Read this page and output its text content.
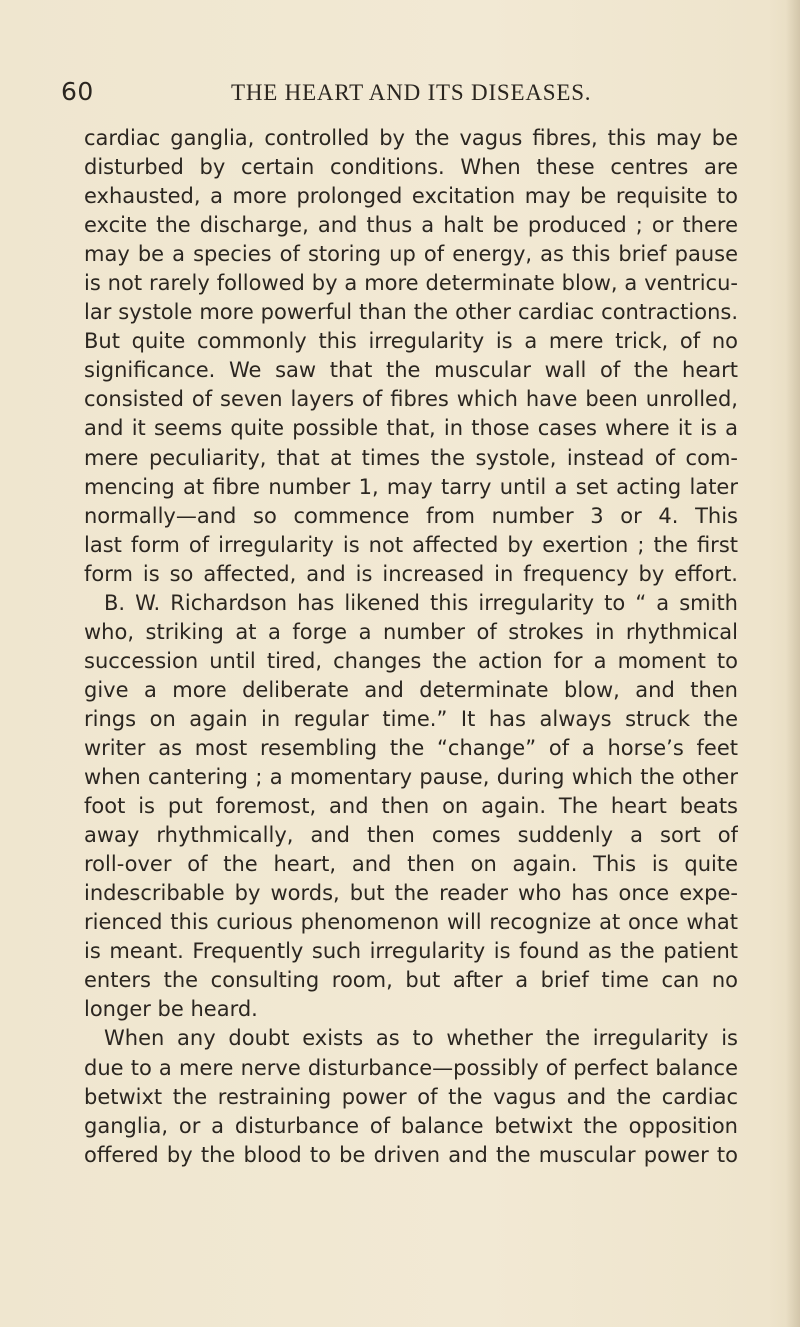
60	THE HEART AND ITS DISEASES.
cardiac ganglia, controlled by the vagus fibres, this may be
disturbed by certain conditions. When these centres are
exhausted, a more prolonged excitation may be requisite to
excite the discharge, and thus a halt be produced ; or there
may be a species of storing up of energy, as this brief pause
is not rarely followed by a more determinate blow, a ventricu-
lar systole more powerful than the other cardiac contractions.
But quite commonly this irregularity is a mere trick, of no
significance. We saw that the muscular wall of the heart
consisted of seven layers of fibres which have been unrolled,
and it seems quite possible that, in those cases where it is a
mere peculiarity, that at times the systole, instead of com-
mencing at fibre number 1, may tarry until a set acting later
normally—and so commence from number 3 or 4. This
last form of irregularity is not affected by exertion ; the first
form is so affected, and is increased in frequency by effort.
B. W. Richardson has likened this irregularity to “ a smith
who, striking at a forge a number of strokes in rhythmical
succession until tired, changes the action for a moment to
give a more deliberate and determinate blow, and then
rings on again in regular time.” It has always struck the
writer as most resembling the “change” of a horse’s feet
when cantering ; a momentary pause, during which the other
foot is put foremost, and then on again. The heart beats
away rhythmically, and then comes suddenly a sort of
roll-over of the heart, and then on again. This is quite
indescribable by words, but the reader who has once expe-
rienced this curious phenomenon will recognize at once what
is meant. Frequently such irregularity is found as the patient
enters the consulting room, but after a brief time can no
longer be heard.
When any doubt exists as to whether the irregularity is
due to a mere nerve disturbance—possibly of perfect balance
betwixt the restraining power of the vagus and the cardiac
ganglia, or a disturbance of balance betwixt the opposition
offered by the blood to be driven and the muscular power to
